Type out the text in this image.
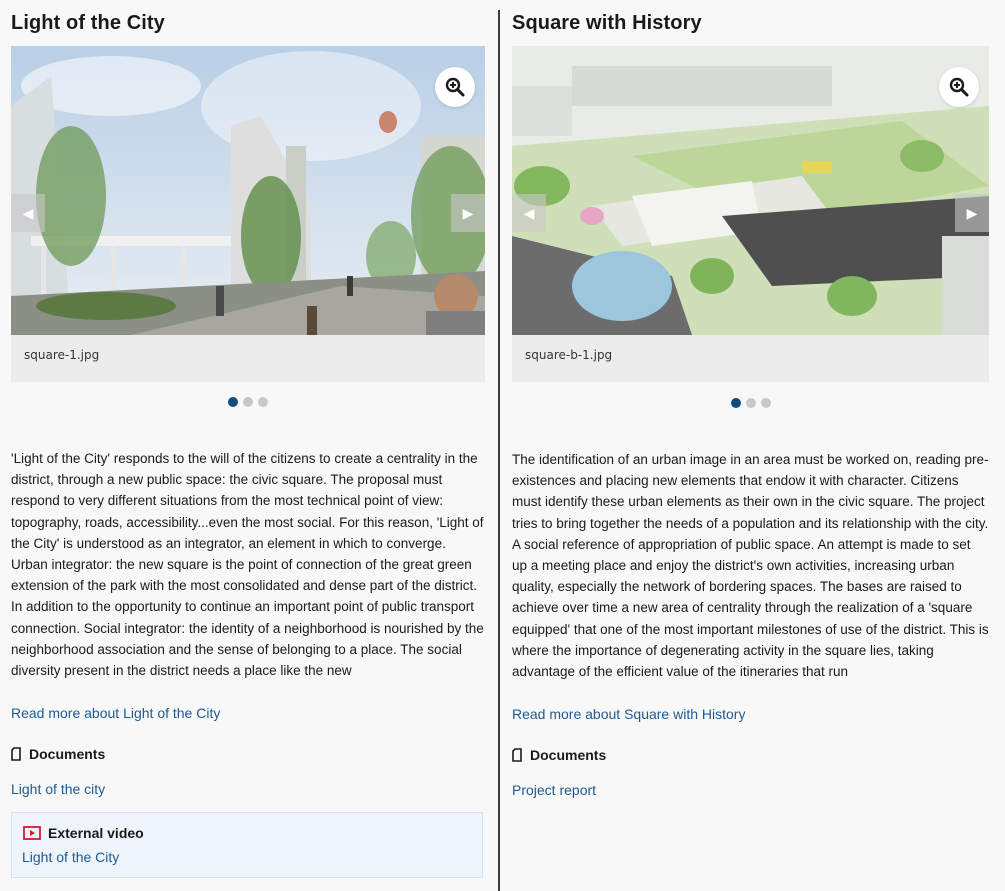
Light of the City
◀	▶
square-1.jpg
'Light of the City' responds to the will of the citizens to create a centrality in the district, through a new public space: the civic square. The proposal must respond to very different situations from the most technical point of view: topography, roads, accessibility...even the most social. For this reason, 'Light of the City' is understood as an integrator, an element in which to converge. Urban integrator: the new square is the point of connection of the great green extension of the park with the most consolidated and dense part of the district. In addition to the opportunity to continue an important point of public transport connection. Social integrator: the identity of a neighborhood is nourished by the neighborhood association and the sense of belonging to a place. The social diversity present in the district needs a place like the new
Read more about Light of the City
Documents
Light of the city
External video
Light of the City
Square with History
◀	▶
square-b-1.jpg
The identification of an urban image in an area must be worked on, reading pre-existences and placing new elements that endow it with character. Citizens must identify these urban elements as their own in the civic square. The project tries to bring together the needs of a population and its relationship with the city. A social reference of appropriation of public space. An attempt is made to set up a meeting place and enjoy the district's own activities, increasing urban quality, especially the network of bordering spaces. The bases are raised to achieve over time a new area of centrality through the realization of a 'square equipped' that one of the most important milestones of use of the district. This is where the importance of degenerating activity in the square lies, taking advantage of the efficient value of the itineraries that run
Read more about Square with History
Documents
Project report
